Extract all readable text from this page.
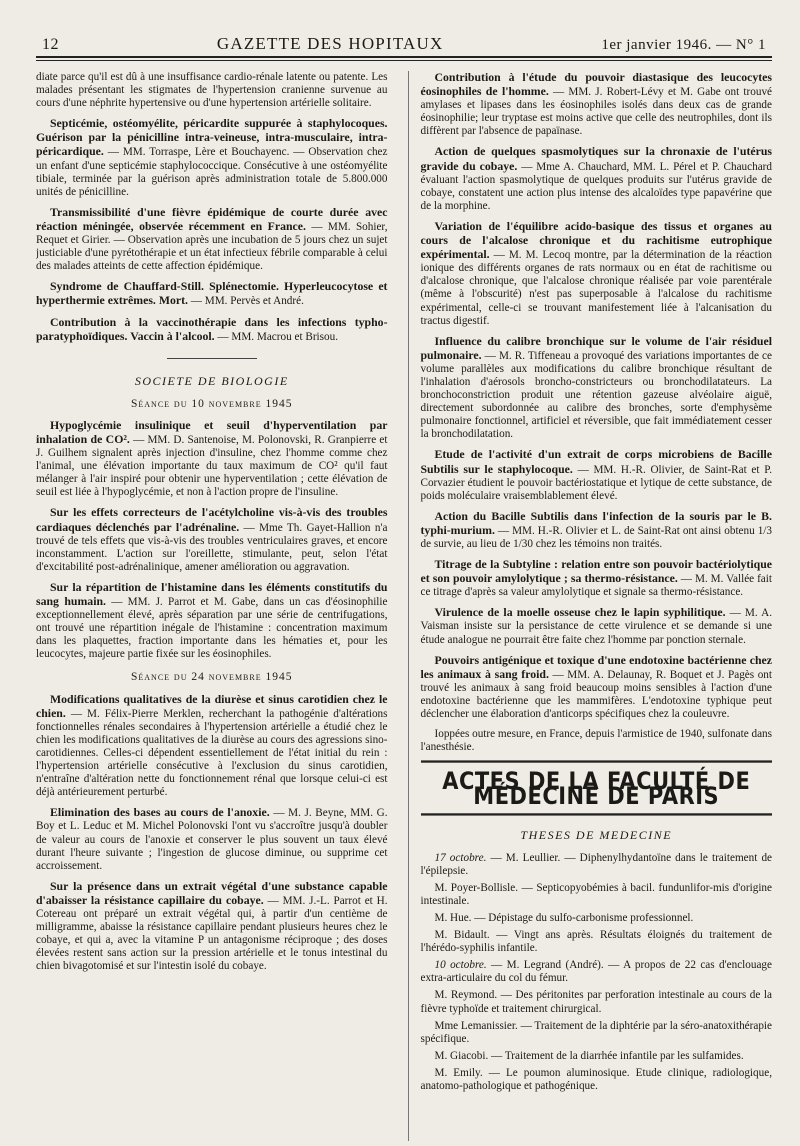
12	GAZETTE DES HOPITAUX	1er janvier 1946. — N° 1

diate parce qu'il est dû à une insuffisance cardio-rénale latente ou patente. Les malades présentant les stigmates de l'hypertension cranienne survenue au cours d'une néphrite hypertensive ou d'une hypertension artérielle solitaire.

Septicémie, ostéomyélite, péricardite suppurée à staphylocoques. Guérison par la pénicilline intra-veineuse, intra-musculaire, intra-péricardique. — MM. Torraspe, Lère et Bouchayenc. — Observation chez un enfant d'une septicémie staphylococcique. Consécutive à une ostéomyélite tibiale, terminée par la guérison après administration totale de 5.800.000 unités de pénicilline.

Transmissibilité d'une fièvre épidémique de courte durée avec réaction méningée, observée récemment en France. — MM. Sohier, Requet et Girier. — Observation après une incubation de 5 jours chez un sujet justiciable d'une pyrétothérapie et un état infectieux fébrile comparable à celui des malades atteints de cette affection épidémique.

Syndrome de Chauffard-Still. Splénectomie. Hyperleucocytose et hyperthermie extrêmes. Mort. — MM. Pervès et André.

Contribution à la vaccinothérapie dans les infections typho-paratyphoïdiques. Vaccin à l'alcool. — MM. Macrou et Brisou.

SOCIETE DE BIOLOGIE
Séance du 10 novembre 1945

Hypoglycémie insulinique et seuil d'hyperventilation par inhalation de CO². — MM. D. Santenoise, M. Polonovski, R. Granpierre et J. Guilhem signalent après injection d'insuline, chez l'homme comme chez l'animal, une élévation importante du taux maximum de CO² qu'il faut mélanger à l'air inspiré pour obtenir une hyperventilation ; cette élévation de seuil est liée à l'hypoglycémie, et non à l'action propre de l'insuline.

Sur les effets correcteurs de l'acétylcholine vis-à-vis des troubles cardiaques déclenchés par l'adrénaline. — Mme Th. Gayet-Hallion n'a trouvé de tels effets que vis-à-vis des troubles ventriculaires graves, et encore inconstamment. L'action sur l'oreillette, stimulante, peut, selon l'état d'excitabilité post-adrénalinique, amener amélioration ou aggravation.

Sur la répartition de l'histamine dans les éléments constitutifs du sang humain. — MM. J. Parrot et M. Gabe, dans un cas d'éosinophilie exceptionnellement élevé, après séparation par une série de centrifugations, ont trouvé une répartition inégale de l'histamine : concentration maximum dans les plaquettes, fraction importante dans les hématies et, pour les leucocytes, majeure partie fixée sur les éosinophiles.

Séance du 24 novembre 1945

Modifications qualitatives de la diurèse et sinus carotidien chez le chien. — M. Félix-Pierre Merklen, recherchant la pathogénie d'altérations fonctionnelles rénales secondaires à l'hypertension artérielle a étudié chez le chien les modifications qualitatives de la diurèse au cours des agressions sino-carotidiennes. Celles-ci dépendent essentiellement de l'état initial du rein : l'hypertension artérielle consécutive à l'exclusion du sinus carotidien, n'entraîne d'altération nette du fonctionnement rénal que lorsque celui-ci est déjà antérieurement perturbé.

Elimination des bases au cours de l'anoxie. — M. J. Beyne, MM. G. Boy et L. Leduc et M. Michel Polonovski l'ont vu s'accroître jusqu'à doubler de valeur au cours de l'anoxie et conserver le plus souvent un taux élevé durant l'heure suivante ; l'ingestion de glucose diminue, ou supprime cet accroissement.

Sur la présence dans un extrait végétal d'une substance capable d'abaisser la résistance capillaire du cobaye. — MM. J.-L. Parrot et H. Cotereau ont préparé un extrait végétal qui, à partir d'un centième de milligramme, abaisse la résistance capillaire pendant plusieurs heures chez le cobaye, et qui a, avec la vitamine P un antagonisme réciproque ; des doses élevées restent sans action sur la pression artérielle et le tonus intestinal du chien bivagotomisé et sur l'intestin isolé du cobaye.

Contribution à l'étude du pouvoir diastasique des leucocytes éosinophiles de l'homme. — MM. J. Robert-Lévy et M. Gabe ont trouvé amylases et lipases dans les éosinophiles isolés dans deux cas de grande éosinophilie; leur tryptase est moins active que celle des neutrophiles, dont ils diffèrent par l'absence de papaïnase.

Action de quelques spasmolytiques sur la chronaxie de l'utérus gravide du cobaye. — Mme A. Chauchard, MM. L. Pérel et P. Chauchard évaluant l'action spasmolytique de quelques produits sur l'utérus gravide de cobaye, constatent une action plus intense des alcaloïdes type papavérine que de la morphine.

Variation de l'équilibre acido-basique des tissus et organes au cours de l'alcalose chronique et du rachitisme eutrophique expérimental. — M. M. Lecoq montre, par la détermination de la réaction ionique des différents organes de rats normaux ou en état de rachitisme ou d'alcalose chronique, que l'alcalose chronique réalisée par voie parentérale (même à l'obscurité) n'est pas superposable à l'alcalose du rachitisme expérimental, celle-ci se trouvant manifestement liée à l'alcanisation du tractus digestif.

Influence du calibre bronchique sur le volume de l'air résiduel pulmonaire. — M. R. Tiffeneau a provoqué des variations importantes de ce volume parallèles aux modifications du calibre bronchique résultant de l'inhalation d'aérosols broncho-constricteurs ou bronchodilatateurs. La bronchoconstriction produit une rétention gazeuse alvéolaire aiguë, directement subordonnée au calibre des bronches, sorte d'emphysème pulmonaire fonctionnel, artificiel et réversible, que fait immédiatement cesser la bronchodilatation.

Etude de l'activité d'un extrait de corps microbiens de Bacille Subtilis sur le staphylocoque. — MM. H.-R. Olivier, de Saint-Rat et P. Corvazier étudient le pouvoir bactériostatique et lytique de cette substance, de poids moléculaire vraisemblablement élevé.

Action du Bacille Subtilis dans l'infection de la souris par le B. typhi-murium. — MM. H.-R. Olivier et L. de Saint-Rat ont ainsi obtenu 1/3 de survie, au lieu de 1/30 chez les témoins non traités.

Titrage de la Subtyline : relation entre son pouvoir bactériolytique et son pouvoir amylolytique ; sa thermo-résistance. — M. M. Vallée fait ce titrage d'après sa valeur amylolytique et signale sa thermo-résistance.

Virulence de la moelle osseuse chez le lapin syphilitique. — M. A. Vaisman insiste sur la persistance de cette virulence et se demande si une étude analogue ne pourrait être faite chez l'homme par ponction sternale.

Pouvoirs antigénique et toxique d'une endotoxine bactérienne chez les animaux à sang froid. — MM. A. Delaunay, R. Boquet et J. Pagès ont trouvé les animaux à sang froid beaucoup moins sensibles à l'action d'une endotoxine bactérienne que les mammifères. L'endotoxine typhique peut déclencher une élaboration d'anticorps spécifiques chez la couleuvre.

Ioppées outre mesure, en France, depuis l'armistice de 1940, sulfonate dans l'anesthésie.

ACTES DE LA FACULTÉ DE MÉDECINE DE PARIS
THESES DE MEDECINE

17 octobre. — M. Leullier. — Diphenylhydantoïne dans le traitement de l'épilepsie.

M. Poyer-Bollisle. — Septicopyobémies à bacil. fundunlifor-mis d'origine intestinale.

M. Hue. — Dépistage du sulfo-carbonisme professionnel.

M. Bidault. — Vingt ans après. Résultats éloignés du traitement de l'hérédo-syphilis infantile.

10 octobre. — M. Legrand (André). — A propos de 22 cas d'enclouage extra-articulaire du col du fémur.

M. Reymond. — Des péritonites par perforation intestinale au cours de la fièvre typhoïde et traitement chirurgical.

Mme Lemanissier. — Traitement de la diphtérie par la séro-anatoxithérapie spécifique.

M. Giacobi. — Traitement de la diarrhée infantile par les sulfamides.

M. Emily. — Le poumon aluminosique. Etude clinique, radiologique, anatomo-pathologique et pathogénique.
